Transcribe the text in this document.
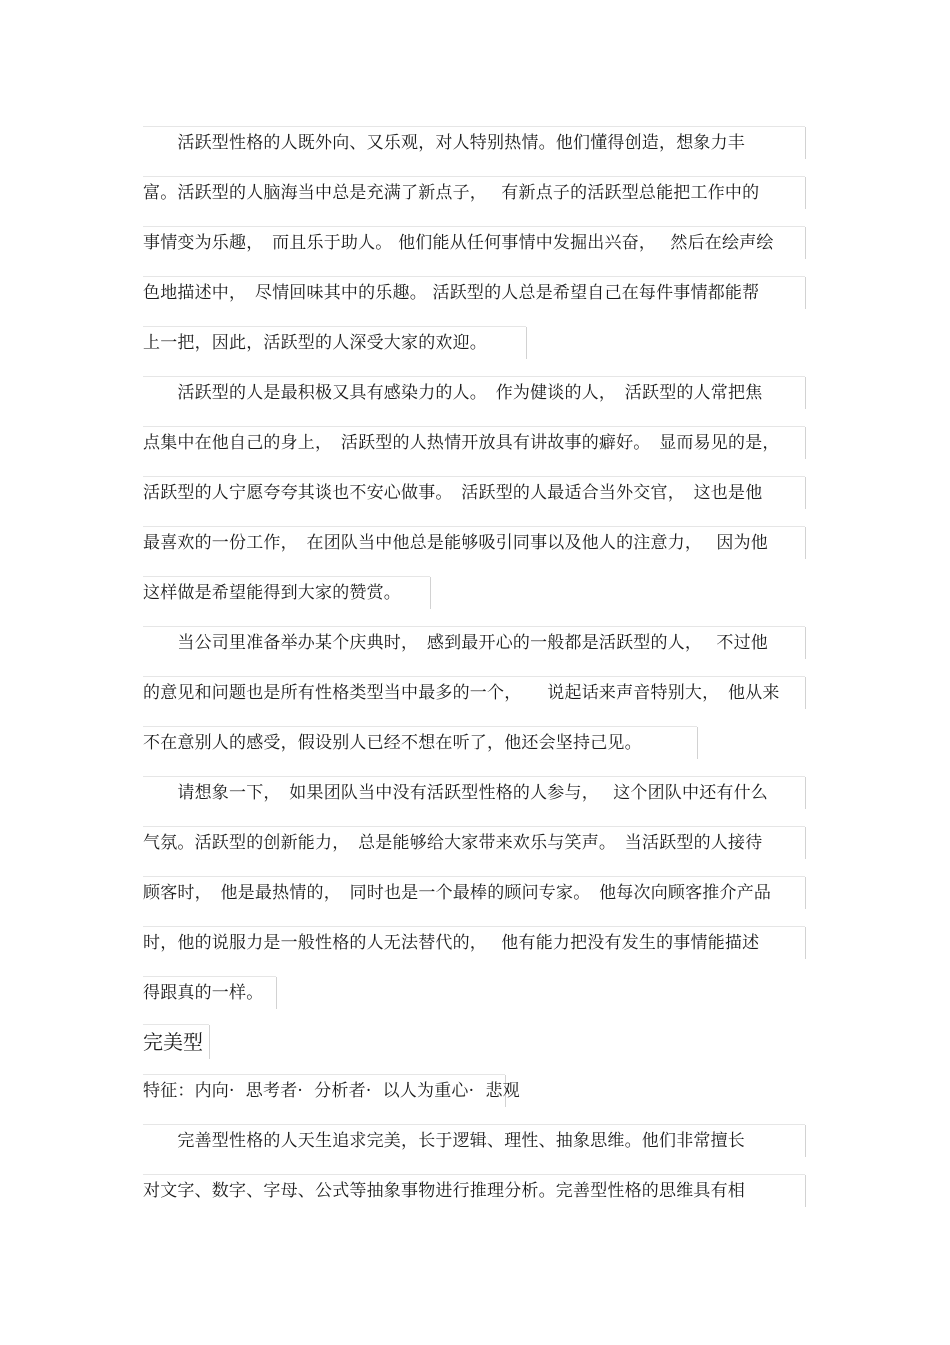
　　活跃型性格的人既外向、又乐观，对人特别热情。他们懂得创造，想象力丰
富。活跃型的人脑海当中总是充满了新点子，　 有新点子的活跃型总能把工作中的
事情变为乐趣，　而且乐于助人。 他们能从任何事情中发掘出兴奋，　 然后在绘声绘
色地描述中，　尽情回味其中的乐趣。 活跃型的人总是希望自己在每件事情都能帮
上一把，因此，活跃型的人深受大家的欢迎。
　　活跃型的人是最积极又具有感染力的人。　作为健谈的人，　活跃型的人常把焦
点集中在他自己的身上，　活跃型的人热情开放具有讲故事的癖好。　显而易见的是，
活跃型的人宁愿夸夸其谈也不安心做事。　活跃型的人最适合当外交官，　这也是他
最喜欢的一份工作，　在团队当中他总是能够吸引同事以及他人的注意力，　 因为他
这样做是希望能得到大家的赞赏。
　　当公司里准备举办某个庆典时，　感到最开心的一般都是活跃型的人，　 不过他
的意见和问题也是所有性格类型当中最多的一个，　　说起话来声音特别大，　他从来
不在意别人的感受，假设别人已经不想在听了，他还会坚持己见。
　　请想象一下，　如果团队当中没有活跃型性格的人参与，　 这个团队中还有什么
气氛。活跃型的创新能力，　总是能够给大家带来欢乐与笑声。　当活跃型的人接待
顾客时，　他是最热情的，　同时也是一个最棒的顾问专家。　他每次向顾客推介产品
时，他的说服力是一般性格的人无法替代的，　 他有能力把没有发生的事情能描述
得跟真的一样。
完美型
特征：内向·  思考者·  分析者·  以人为重心·  悲观
　　完善型性格的人天生追求完美，长于逻辑、理性、抽象思维。他们非常擅长
对文字、数字、字母、公式等抽象事物进行推理分析。完善型性格的思维具有相
